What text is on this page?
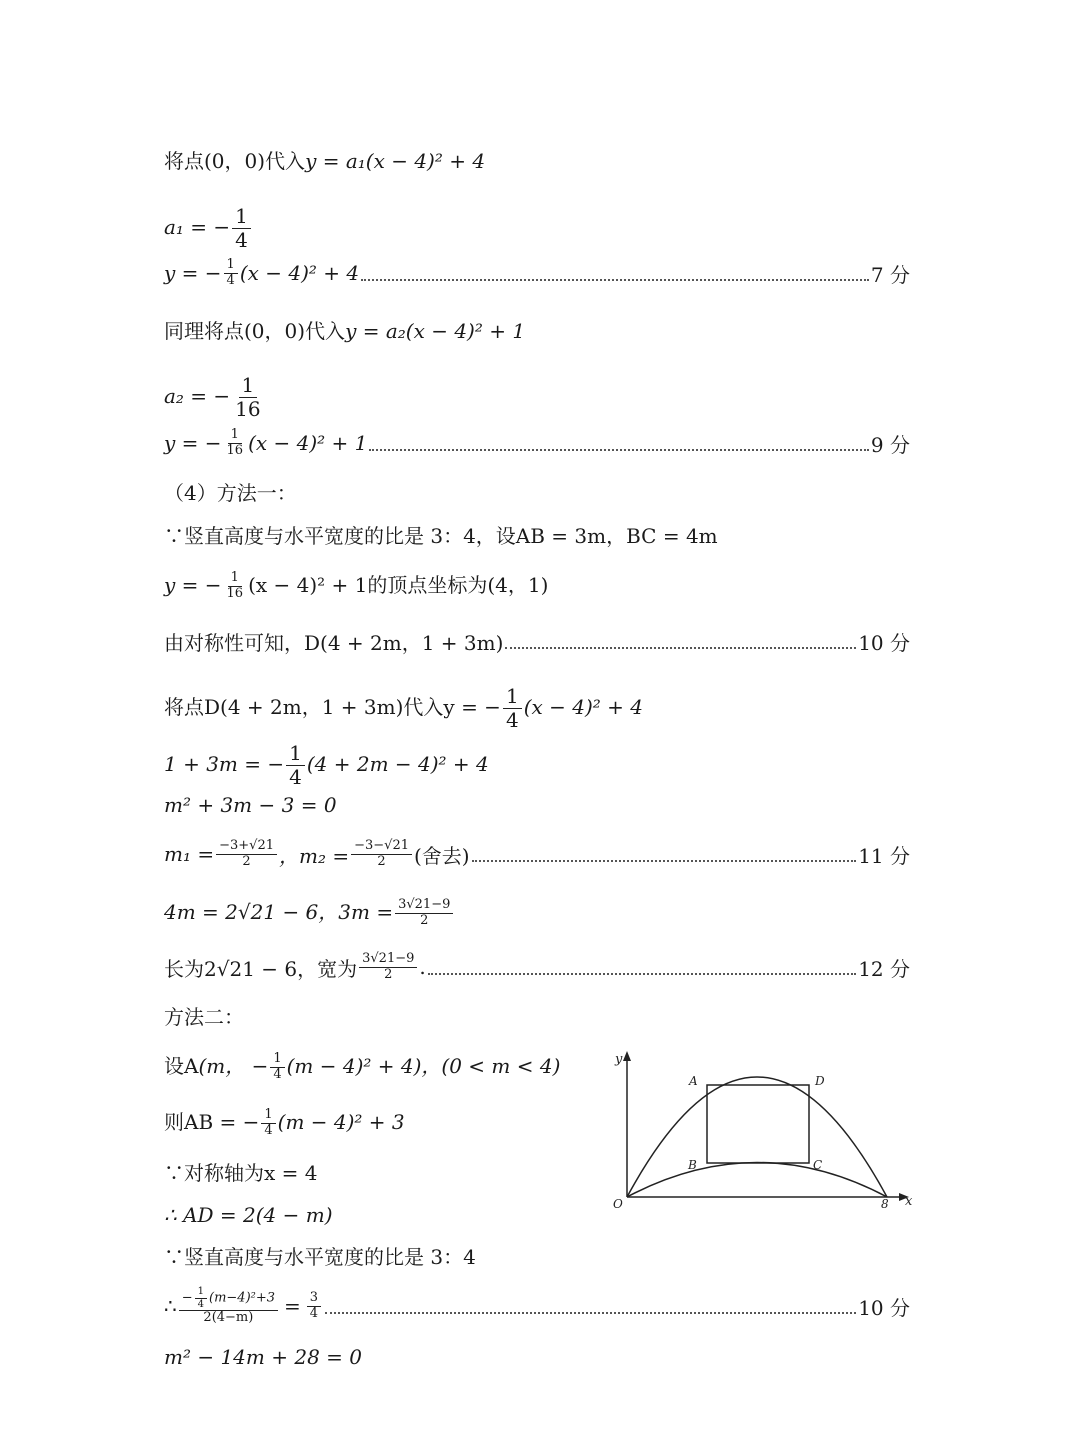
将点(0，0)代入y = a₁(x − 4)² + 4
a₁ = − $\frac{1}{4}$
y = − $\frac{1}{4} (x - 4)^2 + 4$	7 分
同理将点(0，0)代入y = a₂(x − 4)² + 1
a₂ = − $\frac{1}{16}$
y = − $\frac{1}{16} (x - 4)^2 + 1$	9 分
（4）方法一：
∵竖直高度与水平宽度的比是 3：4，设AB = 3m，BC = 4m
y = − $\frac{1}{16} (x - 4)^2 + 1$的顶点坐标为(4，1)
由对称性可知，D(4 + 2m，1 + 3m)	10 分
将点D(4 + 2m，1 + 3m)代入y = − $\frac{1}{4} (x - 4)^2 + 4$
1 + 3m = − $\frac{1}{4} (4 + 2m - 4)^2 + 4$
m² + 3m − 3 = 0
$m_1 = \frac{-3+√21}{2}$ ，$m_2 = \frac{-3-√21}{2}$ (舍去)	11 分
4m = 2√21 − 6，$3m = \frac{3√21-9}{2}$
长为2√21 − 6，宽为 $\frac{3√21-9}{2}$ .	12 分
方法二：
设A(m， − $\frac{1}{4} (m - 4)^2 + 4$)，(0 < m < 4)
则AB = − $\frac{1}{4} (m - 4)^2 + 3$
∵对称轴为x = 4
∴ AD = 2(4 − m)
∵竖直高度与水平宽度的比是 3：4
∴ $\frac{- \frac{1}{4} (m-4)^2+3}{2(4-m)} = \frac{3}{4}$	10 分
m² − 14m + 28 = 0
y
x
O	8
A	D
B	C
